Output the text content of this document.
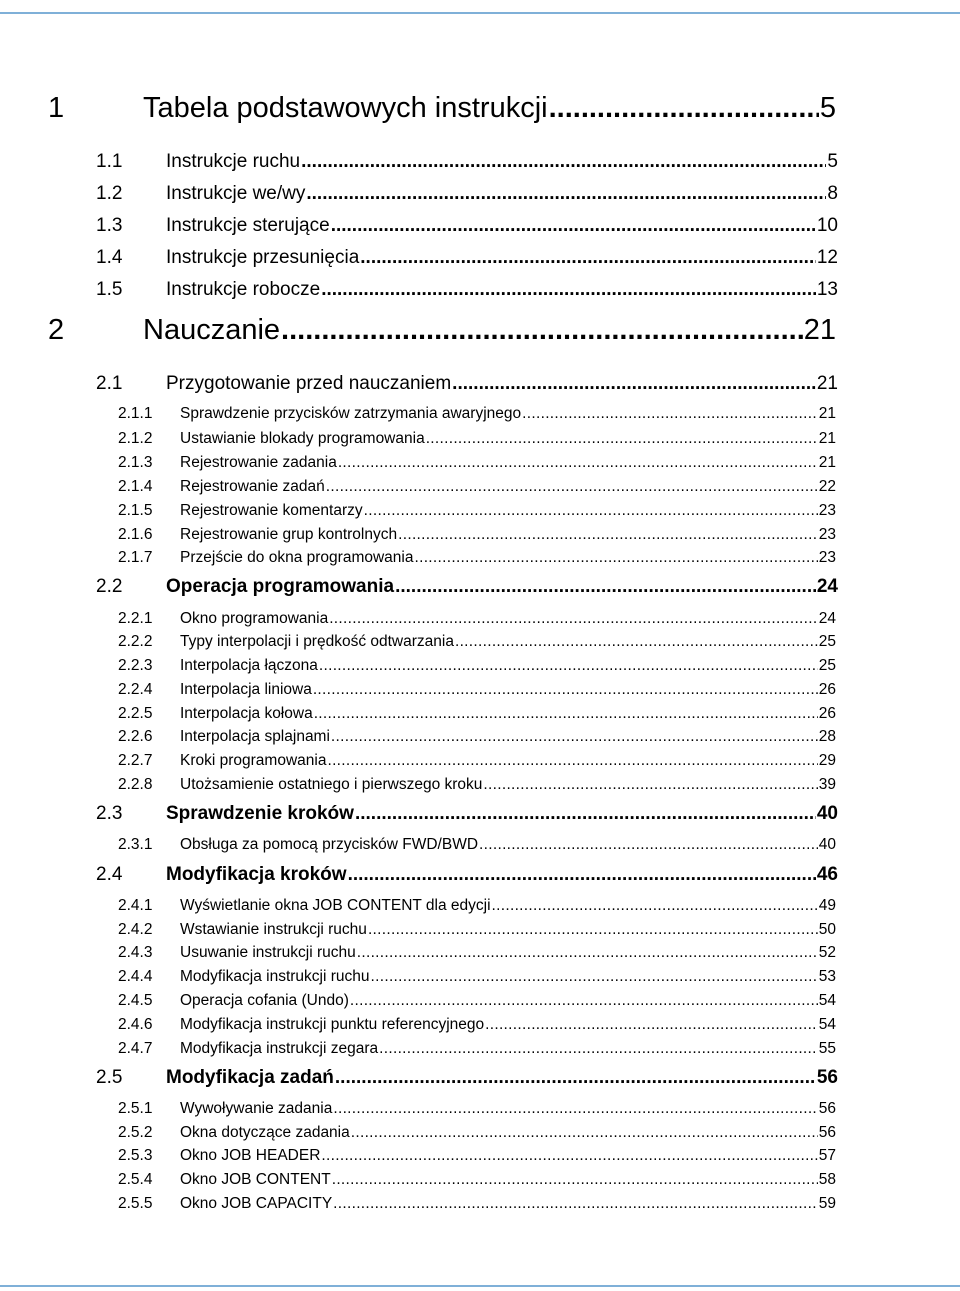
1	Tabela podstawowych instrukcji .....	5
1.1	Instrukcje ruchu .....	5
1.2	Instrukcje we/wy .....	8
1.3	Instrukcje sterujące .....	10
1.4	Instrukcje przesunięcia .....	12
1.5	Instrukcje robocze .....	13
2	Nauczanie .....	21
2.1	Przygotowanie przed nauczaniem .....	21
2.1.1	Sprawdzenie przycisków zatrzymania awaryjnego .....	21
2.1.2	Ustawianie blokady programowania .....	21
2.1.3	Rejestrowanie zadania .....	21
2.1.4	Rejestrowanie zadań .....	22
2.1.5	Rejestrowanie komentarzy .....	23
2.1.6	Rejestrowanie grup kontrolnych .....	23
2.1.7	Przejście do okna programowania .....	23
2.2	Operacja programowania .....	24
2.2.1	Okno programowania .....	24
2.2.2	Typy interpolacji i prędkość odtwarzania .....	25
2.2.3	Interpolacja łączona .....	25
2.2.4	Interpolacja liniowa .....	26
2.2.5	Interpolacja kołowa .....	26
2.2.6	Interpolacja splajnami .....	28
2.2.7	Kroki programowania .....	29
2.2.8	Utożsamienie ostatniego i pierwszego kroku .....	39
2.3	Sprawdzenie kroków .....	40
2.3.1	Obsługa za pomocą przycisków FWD/BWD .....	40
2.4	Modyfikacja kroków .....	46
2.4.1	Wyświetlanie okna JOB CONTENT dla edycji .....	49
2.4.2	Wstawianie instrukcji ruchu .....	50
2.4.3	Usuwanie instrukcji ruchu .....	52
2.4.4	Modyfikacja instrukcji ruchu .....	53
2.4.5	Operacja cofania (Undo) .....	54
2.4.6	Modyfikacja instrukcji punktu referencyjnego .....	54
2.4.7	Modyfikacja instrukcji zegara .....	55
2.5	Modyfikacja zadań .....	56
2.5.1	Wywoływanie zadania .....	56
2.5.2	Okna dotyczące zadania .....	56
2.5.3	Okno JOB HEADER .....	57
2.5.4	Okno JOB CONTENT .....	58
2.5.5	Okno JOB CAPACITY .....	59
